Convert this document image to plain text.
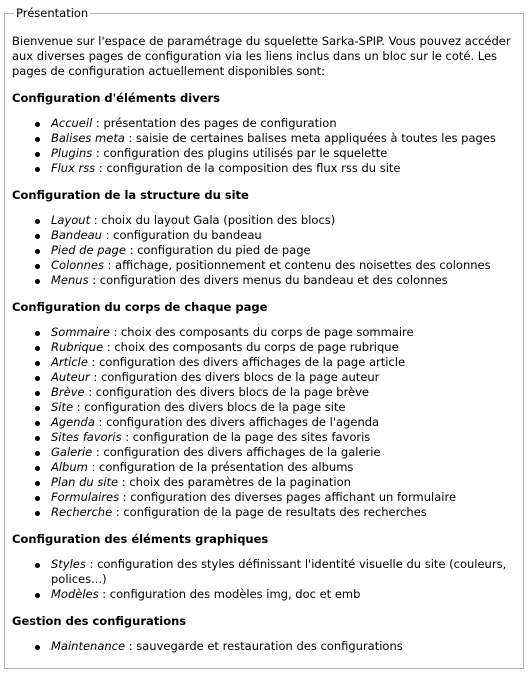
Présentation

Bienvenue sur l'espace de paramétrage du squelette Sarka-SPIP. Vous pouvez accéder aux diverses pages de configuration via les liens inclus dans un bloc sur le coté. Les pages de configuration actuellement disponibles sont:

Configuration d'éléments divers
Accueil : présentation des pages de configuration
Balises meta : saisie de certaines balises meta appliquées à toutes les pages
Plugins : configuration des plugins utilisés par le squelette
Flux rss : configuration de la composition des flux rss du site
Configuration de la structure du site
Layout : choix du layout Gala (position des blocs)
Bandeau : configuration du bandeau
Pied de page : configuration du pied de page
Colonnes : affichage, positionnement et contenu des noisettes des colonnes
Menus : configuration des divers menus du bandeau et des colonnes
Configuration du corps de chaque page
Sommaire : choix des composants du corps de page sommaire
Rubrique : choix des composants du corps de page rubrique
Article : configuration des divers affichages de la page article
Auteur : configuration des divers blocs de la page auteur
Brève : configuration des divers blocs de la page brève
Site : configuration des divers blocs de la page site
Agenda : configuration des divers affichages de l'agenda
Sites favoris : configuration de la page des sites favoris
Galerie : configuration des divers affichages de la galerie
Album : configuration de la présentation des albums
Plan du site : choix des paramètres de la pagination
Formulaires : configuration des diverses pages affichant un formulaire
Recherche : configuration de la page de resultats des recherches
Configuration des éléments graphiques
Styles : configuration des styles définissant l'identité visuelle du site (couleurs, polices...)
Modèles : configuration des modèles img, doc et emb
Gestion des configurations
Maintenance : sauvegarde et restauration des configurations
